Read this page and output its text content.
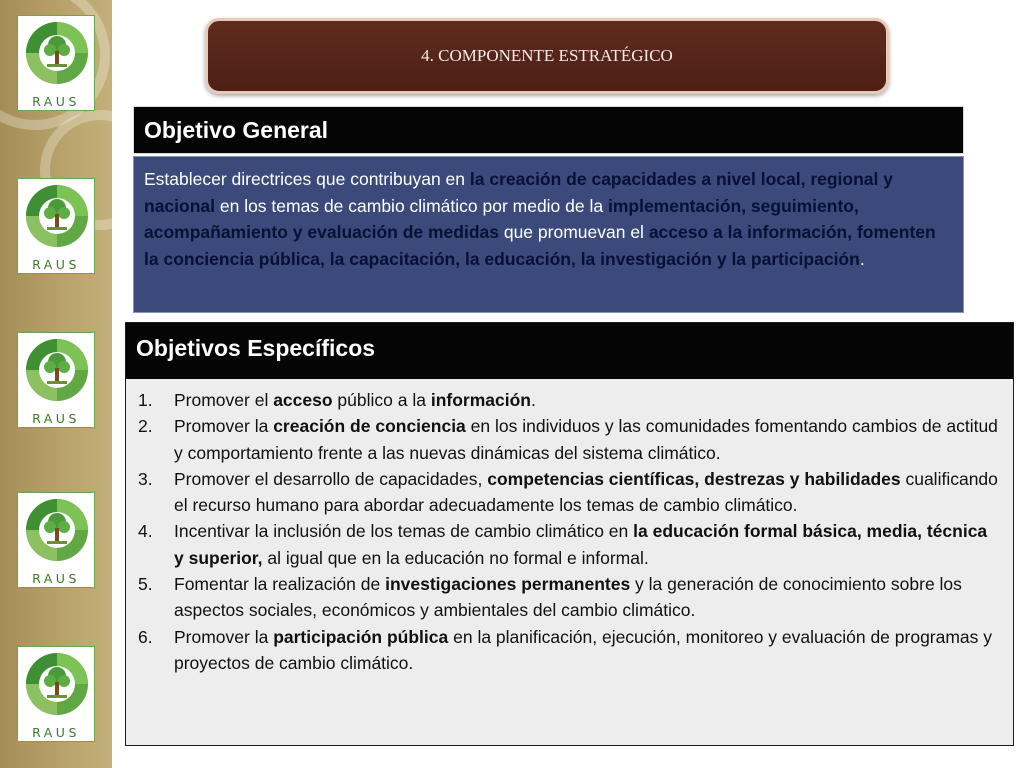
RAUS
RAUS
RAUS
RAUS
RAUS
4. COMPONENTE ESTRATÉGICO
Objetivo General
Establecer directrices que contribuyan en la creación de capacidades a nivel local, regional y nacional en los temas de cambio climático por medio de la implementación, seguimiento, acompañamiento y evaluación de medidas que promuevan el acceso a la información, fomenten la conciencia pública, la capacitación, la educación, la investigación y la participación.
Objetivos Específicos
1.	Promover el acceso público a la información.
2.	Promover la creación de conciencia en los individuos y las comunidades fomentando cambios de actitud y comportamiento frente a las nuevas dinámicas del sistema climático.
3.	Promover el desarrollo de capacidades, competencias científicas, destrezas y habilidades cualificando el recurso humano para abordar adecuadamente los temas de cambio climático.
4.	Incentivar la inclusión de los temas de cambio climático en la educación formal básica, media, técnica y superior, al igual que en la educación no formal e informal.
5.	Fomentar la realización de investigaciones permanentes y la generación de conocimiento sobre los aspectos sociales, económicos y ambientales del cambio climático.
6.	Promover la participación pública en la planificación, ejecución, monitoreo y evaluación de programas y proyectos de cambio climático.
